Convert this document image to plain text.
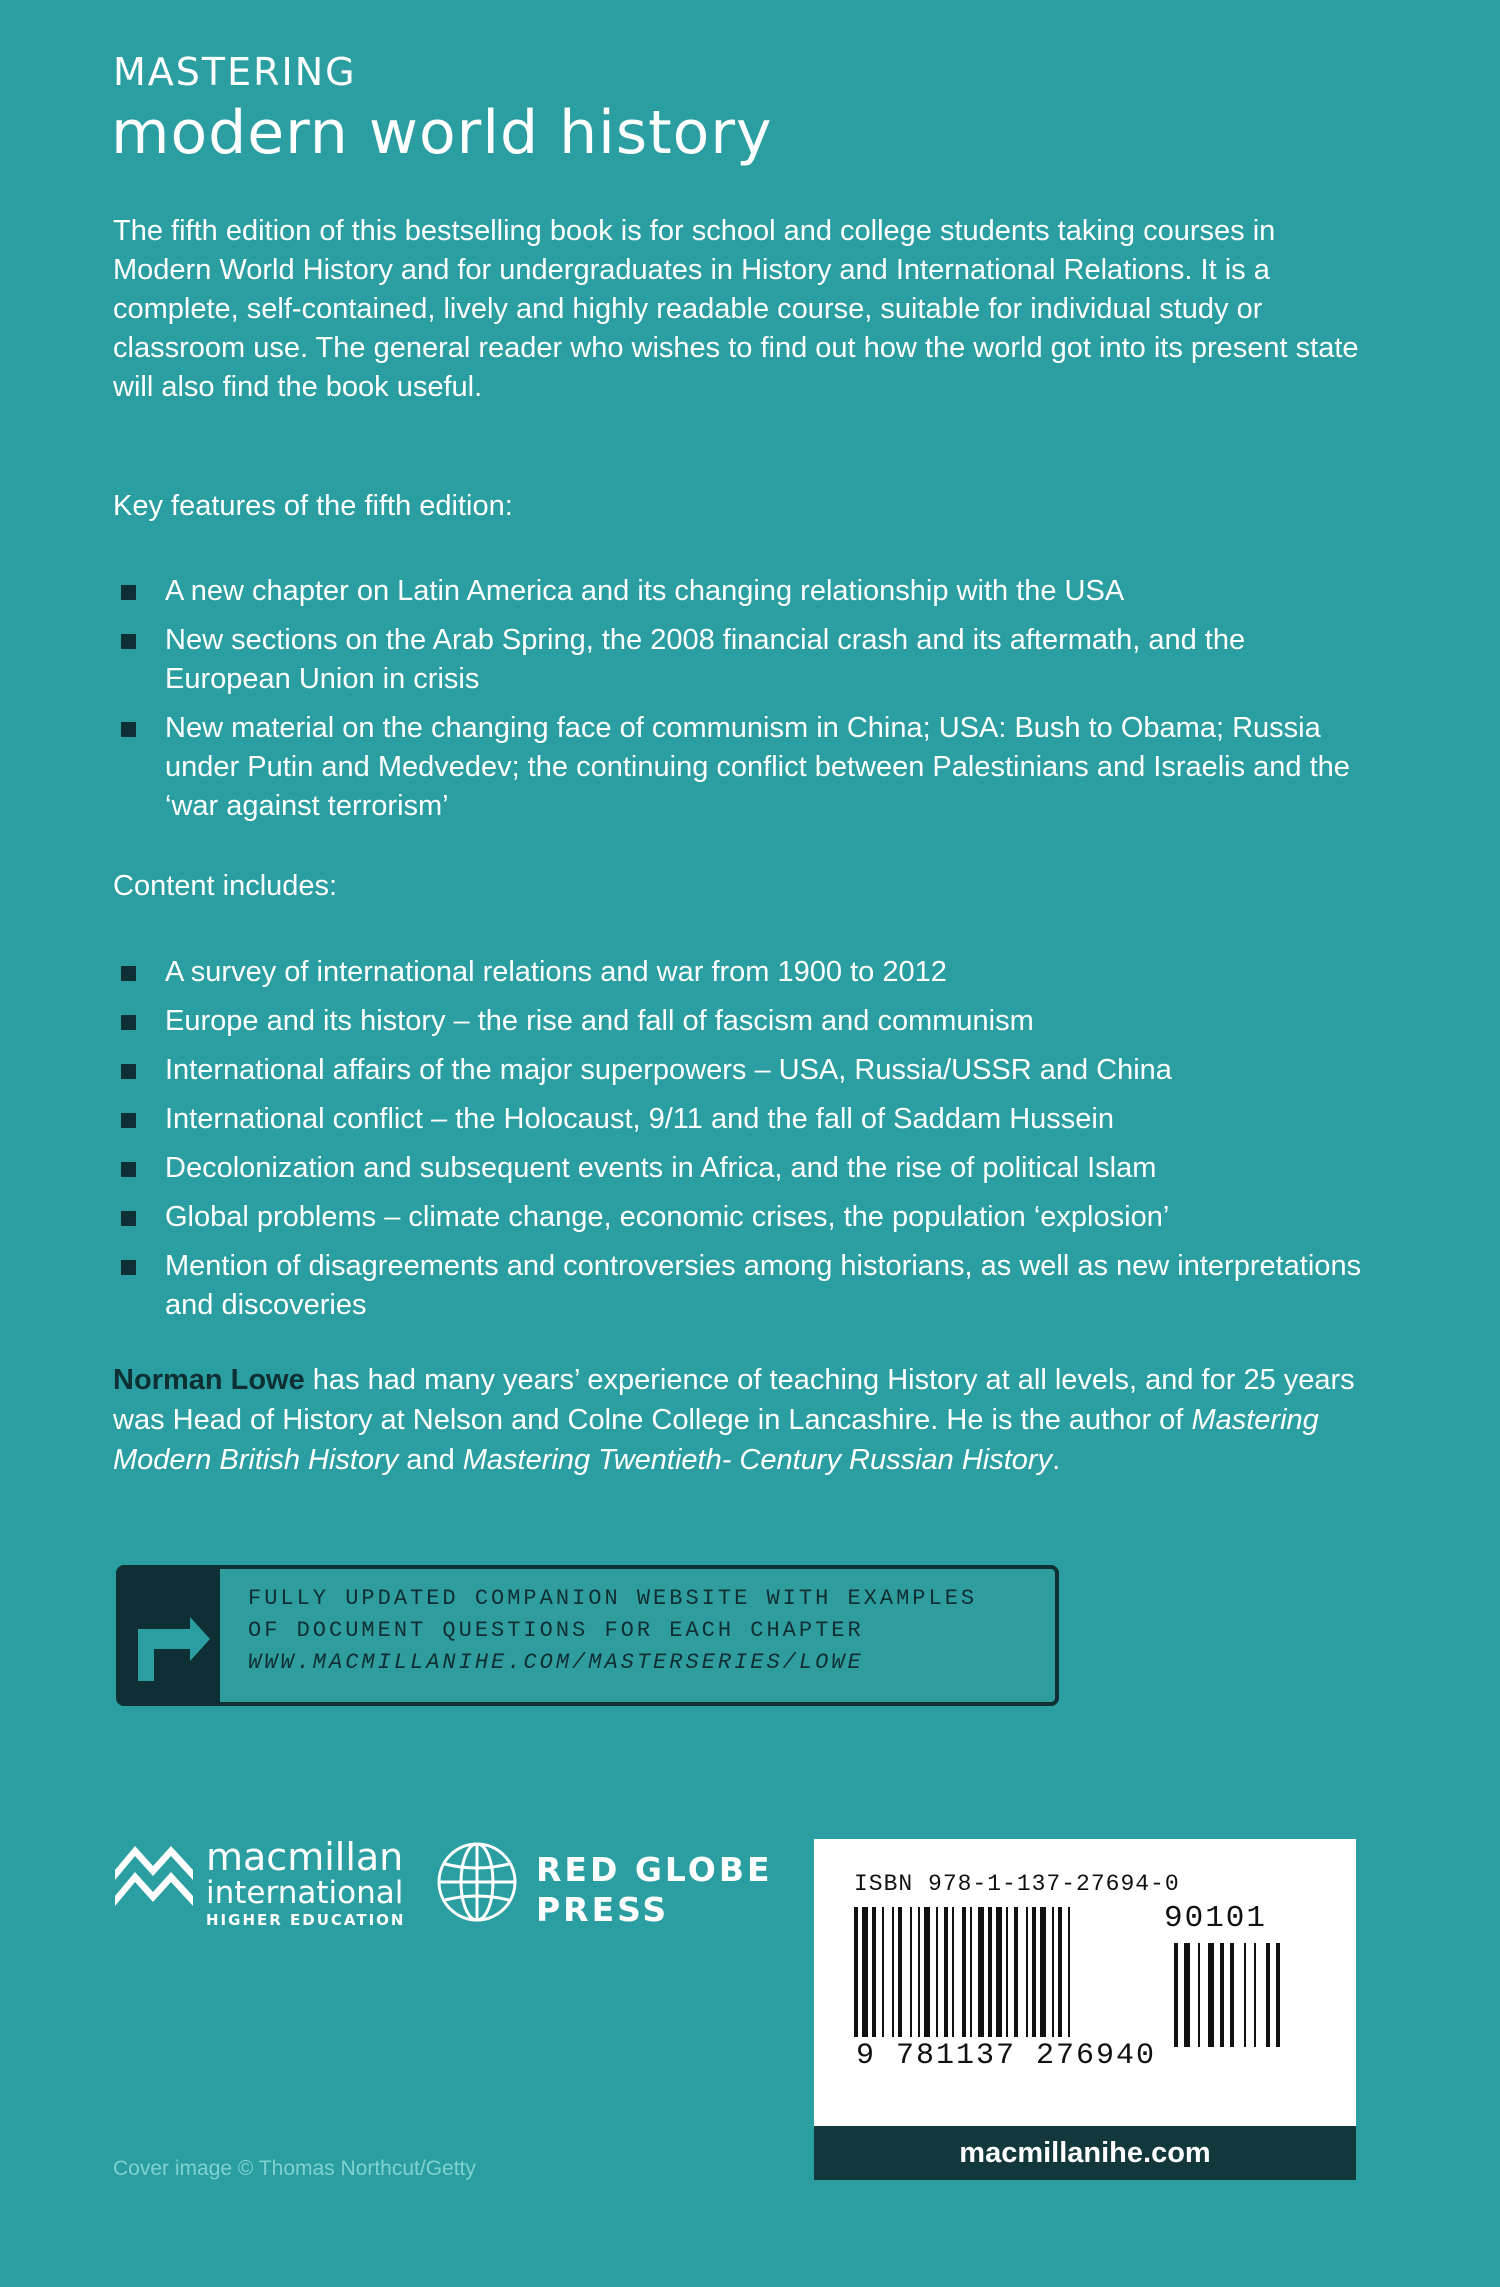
MASTERING
modern world history
The fifth edition of this bestselling book is for school and college students taking courses in Modern World History and for undergraduates in History and International Relations. It is a complete, self-contained, lively and highly readable course, suitable for individual study or classroom use. The general reader who wishes to find out how the world got into its present state will also find the book useful.
Key features of the fifth edition:
A new chapter on Latin America and its changing relationship with the USA
New sections on the Arab Spring, the 2008 financial crash and its aftermath, and the European Union in crisis
New material on the changing face of communism in China; USA: Bush to Obama; Russia under Putin and Medvedev; the continuing conflict between Palestinians and Israelis and the ‘war against terrorism’
Content includes:
A survey of international relations and war from 1900 to 2012
Europe and its history – the rise and fall of fascism and communism
International affairs of the major superpowers – USA, Russia/USSR and China
International conflict – the Holocaust, 9/11 and the fall of Saddam Hussein
Decolonization and subsequent events in Africa, and the rise of political Islam
Global problems – climate change, economic crises, the population ‘explosion’
Mention of disagreements and controversies among historians, as well as new interpretations and discoveries
Norman Lowe has had many years’ experience of teaching History at all levels, and for 25 years was Head of History at Nelson and Colne College in Lancashire. He is the author of Mastering Modern British History and Mastering Twentieth- Century Russian History.
FULLY UPDATED COMPANION WEBSITE WITH EXAMPLES
OF DOCUMENT QUESTIONS FOR EACH CHAPTER
WWW.MACMILLANIHE.COM/MASTERSERIES/LOWE
macmillan
international
HIGHER EDUCATION
RED GLOBE
PRESS
ISBN 978-1-137-27694-0
90101
9 781137 276940
macmillanihe.com
Cover image © Thomas Northcut/Getty
